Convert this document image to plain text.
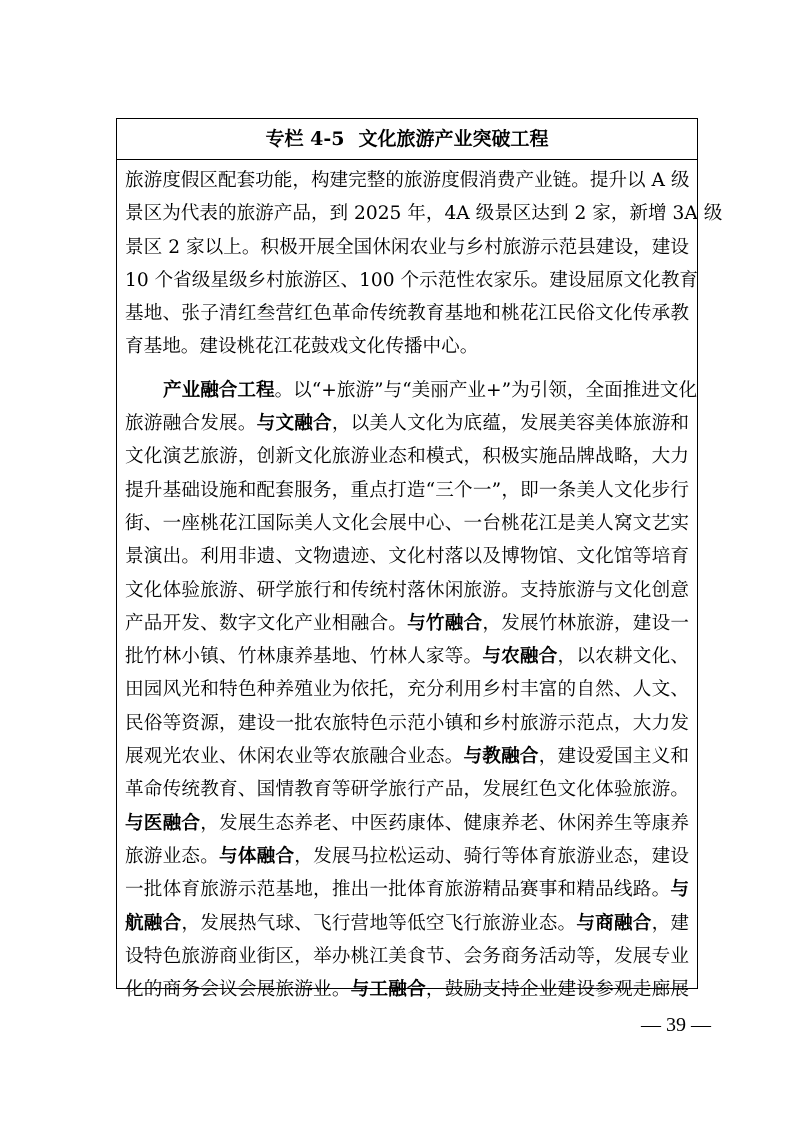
专栏 4-5 文化旅游产业突破工程
旅游度假区配套功能，构建完整的旅游度假消费产业链。提升以 A 级
景区为代表的旅游产品，到 2025 年，4A 级景区达到 2 家，新增 3A 级
景区 2 家以上。积极开展全国休闲农业与乡村旅游示范县建设，建设
10 个省级星级乡村旅游区、100 个示范性农家乐。建设屈原文化教育
基地、张子清红叁营红色革命传统教育基地和桃花江民俗文化传承教
育基地。建设桃花江花鼓戏文化传播中心。
产业融合工程。以“+旅游”与“美丽产业+”为引领，全面推进文化
旅游融合发展。与文融合，以美人文化为底蕴，发展美容美体旅游和
文化演艺旅游，创新文化旅游业态和模式，积极实施品牌战略，大力
提升基础设施和配套服务，重点打造“三个一”，即一条美人文化步行
街、一座桃花江国际美人文化会展中心、一台桃花江是美人窝文艺实
景演出。利用非遗、文物遗迹、文化村落以及博物馆、文化馆等培育
文化体验旅游、研学旅行和传统村落休闲旅游。支持旅游与文化创意
产品开发、数字文化产业相融合。与竹融合，发展竹林旅游，建设一
批竹林小镇、竹林康养基地、竹林人家等。与农融合，以农耕文化、
田园风光和特色种养殖业为依托，充分利用乡村丰富的自然、人文、
民俗等资源，建设一批农旅特色示范小镇和乡村旅游示范点，大力发
展观光农业、休闲农业等农旅融合业态。与教融合，建设爱国主义和
革命传统教育、国情教育等研学旅行产品，发展红色文化体验旅游。
与医融合，发展生态养老、中医药康体、健康养老、休闲养生等康养
旅游业态。与体融合，发展马拉松运动、骑行等体育旅游业态，建设
一批体育旅游示范基地，推出一批体育旅游精品赛事和精品线路。与
航融合，发展热气球、飞行营地等低空飞行旅游业态。与商融合，建
设特色旅游商业街区，举办桃江美食节、会务商务活动等，发展专业
化的商务会议会展旅游业。与工融合，鼓励支持企业建设参观走廊展
— 39 —
